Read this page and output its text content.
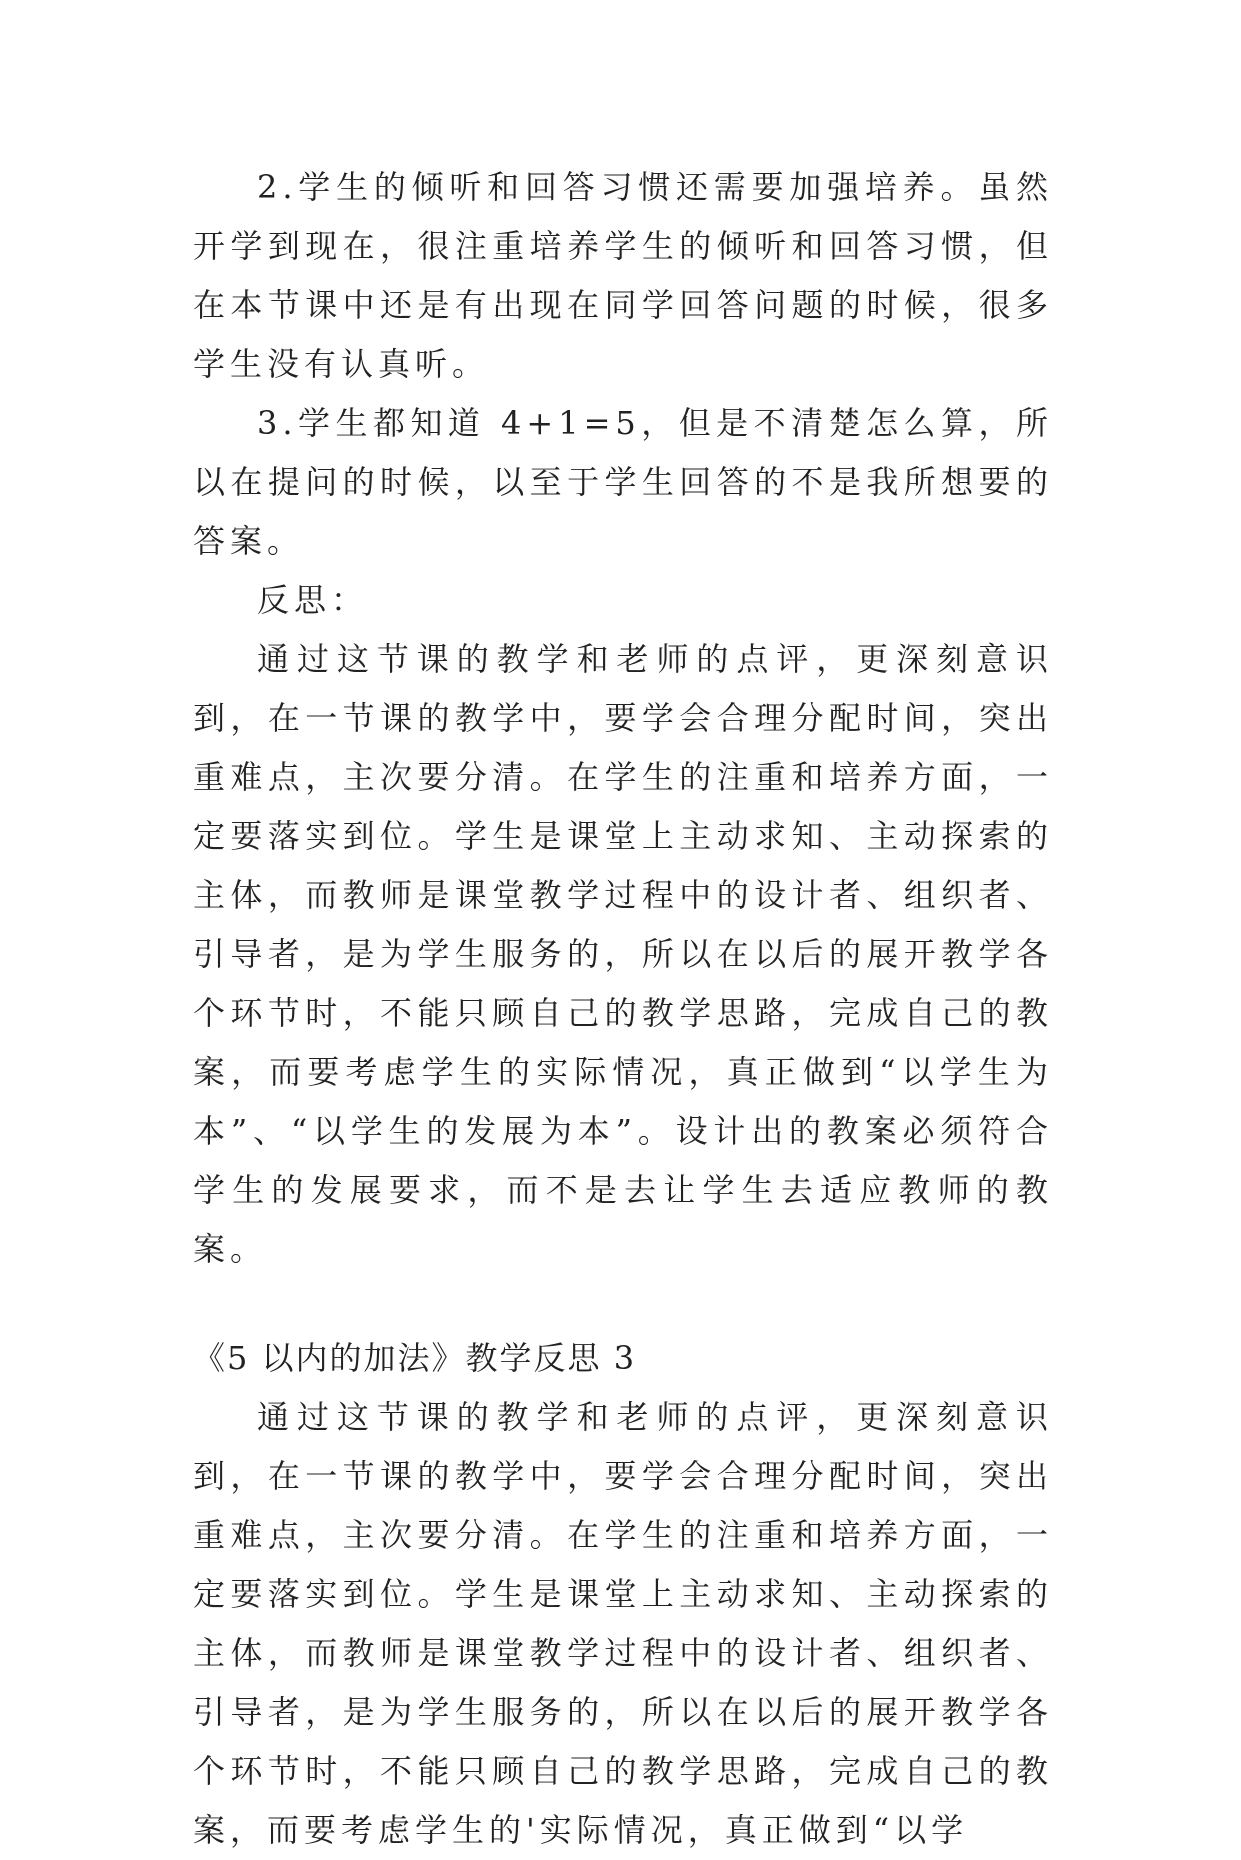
2.学生的倾听和回答习惯还需要加强培养。虽然开学到现在，很注重培养学生的倾听和回答习惯，但在本节课中还是有出现在同学回答问题的时候，很多学生没有认真听。

3.学生都知道 4+1=5，但是不清楚怎么算，所以在提问的时候，以至于学生回答的不是我所想要的答案。

反思：

通过这节课的教学和老师的点评，更深刻意识到，在一节课的教学中，要学会合理分配时间，突出重难点，主次要分清。在学生的注重和培养方面，一定要落实到位。学生是课堂上主动求知、主动探索的主体，而教师是课堂教学过程中的设计者、组织者、引导者，是为学生服务的，所以在以后的展开教学各个环节时，不能只顾自己的教学思路，完成自己的教案，而要考虑学生的实际情况，真正做到“以学生为本”、“以学生的发展为本”。设计出的教案必须符合学生的发展要求，而不是去让学生去适应教师的教案。

《5 以内的加法》教学反思 3

通过这节课的教学和老师的点评，更深刻意识到，在一节课的教学中，要学会合理分配时间，突出重难点，主次要分清。在学生的注重和培养方面，一定要落实到位。学生是课堂上主动求知、主动探索的主体，而教师是课堂教学过程中的设计者、组织者、引导者，是为学生服务的，所以在以后的展开教学各个环节时，不能只顾自己的教学思路，完成自己的教案，而要考虑学生的'实际情况，真正做到“以学
